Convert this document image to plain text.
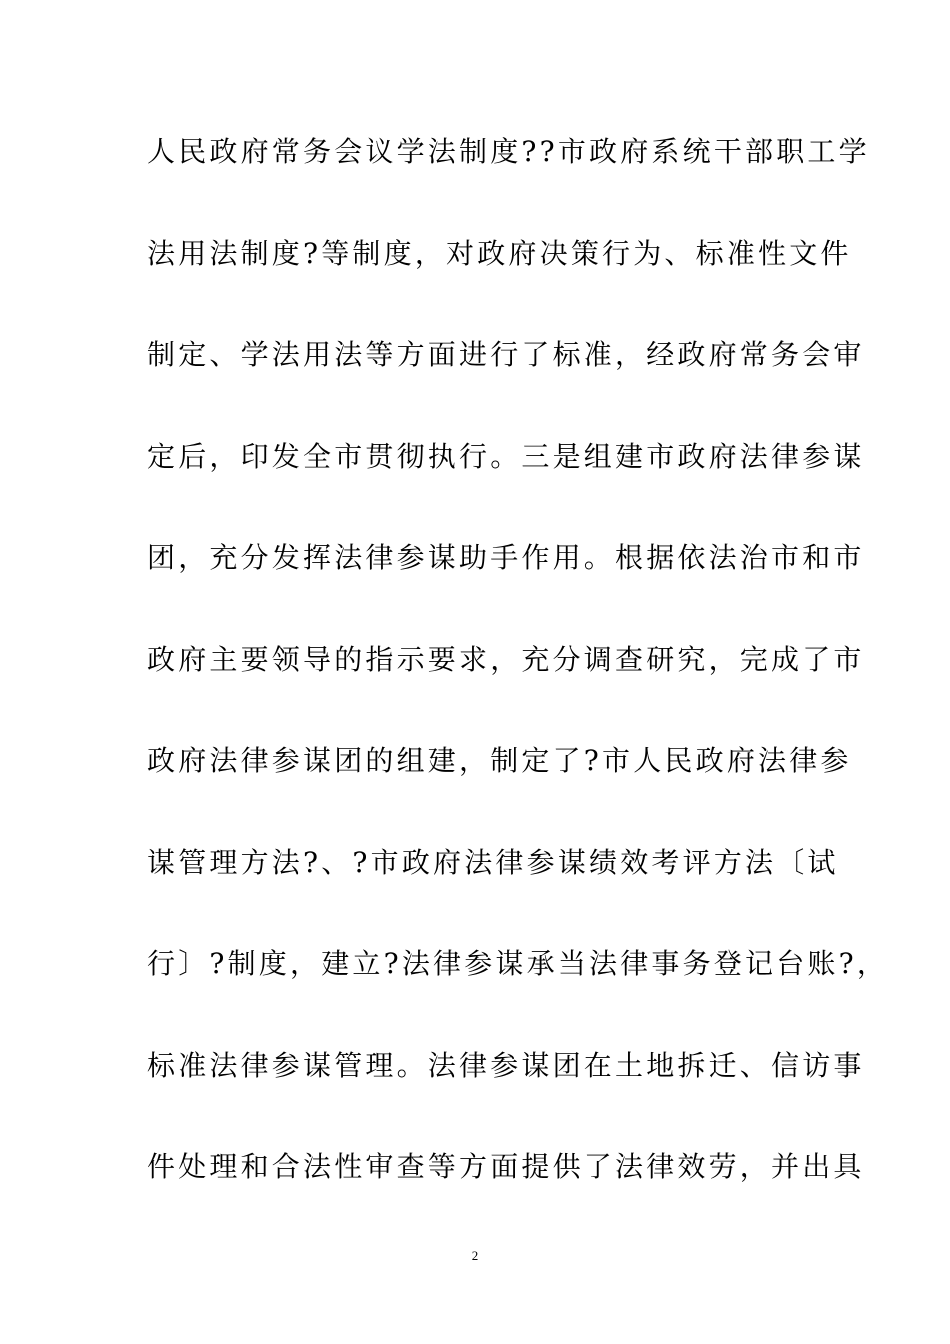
人民政府常务会议学法制度??市政府系统干部职工学
法用法制度?等制度，对政府决策行为、标准性文件
制定、学法用法等方面进行了标准，经政府常务会审
定后，印发全市贯彻执行。三是组建市政府法律参谋
团，充分发挥法律参谋助手作用。根据依法治市和市
政府主要领导的指示要求，充分调查研究，完成了市
政府法律参谋团的组建，制定了?市人民政府法律参
谋管理方法?、?市政府法律参谋绩效考评方法〔试
行〕?制度，建立?法律参谋承当法律事务登记台账?，
标准法律参谋管理。法律参谋团在土地拆迁、信访事
件处理和合法性审查等方面提供了法律效劳，并出具
2
